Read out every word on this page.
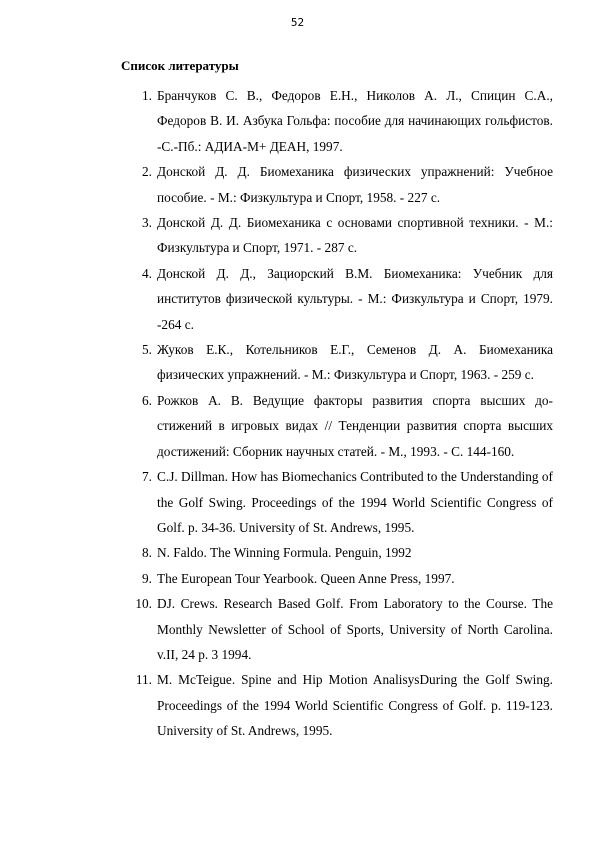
52
Список литературы
1. Бранчуков С. В., Федоров Е.Н., Николов А. Л., Спицин С.А., Федоров В. И. Азбука Гольфа: пособие для начинающих гольфистов. -С.-Пб.: АДИА-М+ ДЕАН, 1997.
2. Донской Д. Д. Биомеханика физических упражнений: Учебное пособие. - М.: Физкультура и Спорт, 1958. - 227 с.
3. Донской Д. Д. Биомеханика с основами спортивной техники. - М.: Физкультура и Спорт, 1971. - 287 с.
4. Донской Д. Д., Зациорский В.М. Биомеханика: Учебник для институтов физической культуры. - М.: Физкультура и Спорт, 1979. -264 с.
5. Жуков Е.К., Котельников Е.Г., Семенов Д. А. Биомеханика физических упражнений. - М.: Физкультура и Спорт, 1963. - 259 с.
6. Рожков А. В. Ведущие факторы развития спорта высших до-стижений в игровых видах // Тенденции развития спорта высших достижений: Сборник научных статей. - М., 1993. - С. 144-160.
7. C.J. Dillman. How has Biomechanics Contributed to the Understanding of the Golf Swing. Proceedings of the 1994 World Scientific Congress of Golf. p. 34-36. University of St. Andrews, 1995.
8. N. Faldo. The Winning Formula. Penguin, 1992
9. The European Tour Yearbook. Queen Anne Press, 1997.
10. DJ. Crews. Research Based Golf. From Laboratory to the Course. The Monthly Newsletter of School of Sports, University of North Carolina. v.II, 24 p. 3 1994.
11. M. McTeigue. Spine and Hip Motion AnalisysDuring the Golf Swing. Proceedings of the 1994 World Scientific Congress of Golf. p. 119-123. University of St. Andrews, 1995.
